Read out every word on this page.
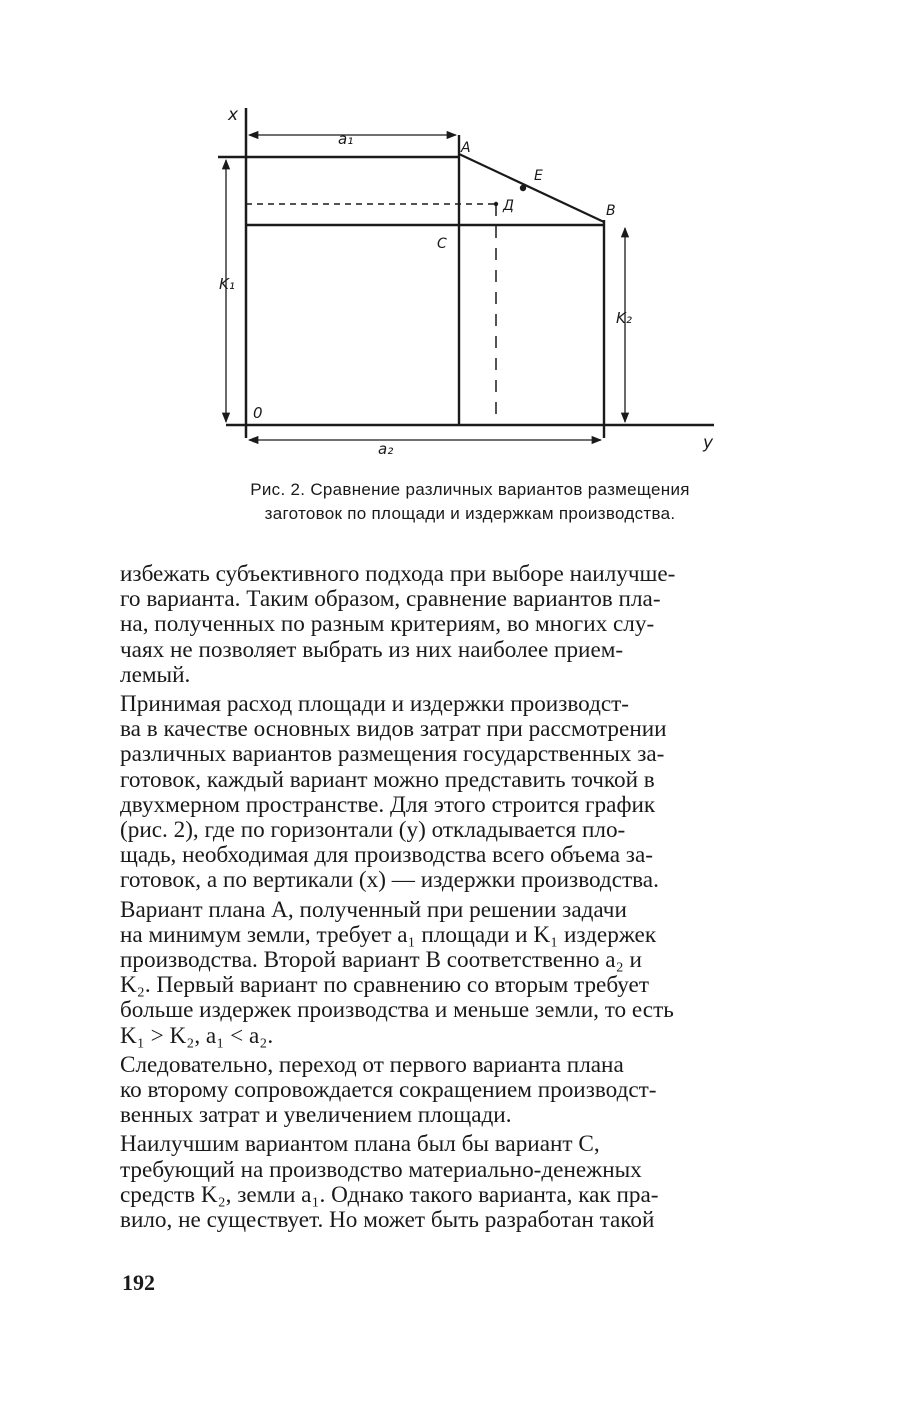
x
y
0
A
B
C
Д
E
a₁
a₂
K₁
K₂
Рис. 2. Сравнение различных вариантов размещения
заготовок по площади и издержкам производства.

избежать субъективного подхода при выборе наилучше-
го варианта. Таким образом, сравнение вариантов пла-
на, полученных по разным критериям, во многих слу-
чаях не позволяет выбрать из них наиболее прием-
лемый.

Принимая расход площади и издержки производст-
ва в качестве основных видов затрат при рассмотрении
различных вариантов размещения государственных за-
готовок, каждый вариант можно представить точкой в
двухмерном пространстве. Для этого строится график
(рис. 2), где по горизонтали (y) откладывается пло-
щадь, необходимая для производства всего объема за-
готовок, а по вертикали (x) — издержки производства.

Вариант плана A, полученный при решении задачи
на минимум земли, требует a₁ площади и K₁ издержек
производства. Второй вариант B соответственно a₂ и
K₂. Первый вариант по сравнению со вторым требует
больше издержек производства и меньше земли, то есть
K₁ > K₂, a₁ < a₂.

Следовательно, переход от первого варианта плана
ко второму сопровождается сокращением производст-
венных затрат и увеличением площади.

Наилучшим вариантом плана был бы вариант C,
требующий на производство материально-денежных
средств K₂, земли a₁. Однако такого варианта, как пра-
вило, не существует. Но может быть разработан такой

192
